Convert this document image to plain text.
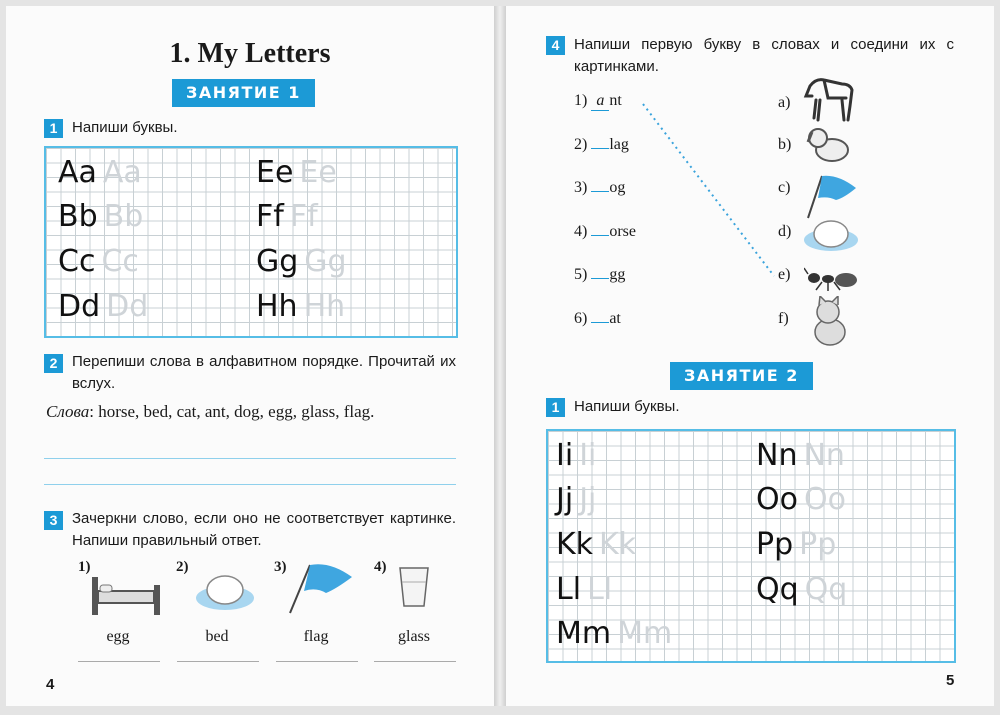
1. My Letters
ЗАНЯТИЕ 1
1 Напиши буквы.
Aa Aa
Bb Bb
Cc Cc
Dd Dd
Ee Ee
Ff Ff
Gg Gg
Hh Hh
2 Перепиши слова в алфавитном порядке. Прочитай их вслух.
Слова: horse, bed, cat, ant, dog, egg, glass, flag.
3 Зачеркни слово, если оно не соответствует картинке. Напиши правильный ответ.
1)
egg
2)
bed
3)
flag
4)
glass
4
4 Напиши первую букву в словах и соедини их с картинками.
1) a nt
2) lag
3) og
4) orse
5) gg
6) at
a)
b)
c)
d)
e)
f)
ЗАНЯТИЕ 2
1 Напиши буквы.
Ii Ii
Jj Jj
Kk Kk
Ll Ll
Mm Mm
Nn Nn
Oo Oo
Pp Pp
Qq Qq
5
